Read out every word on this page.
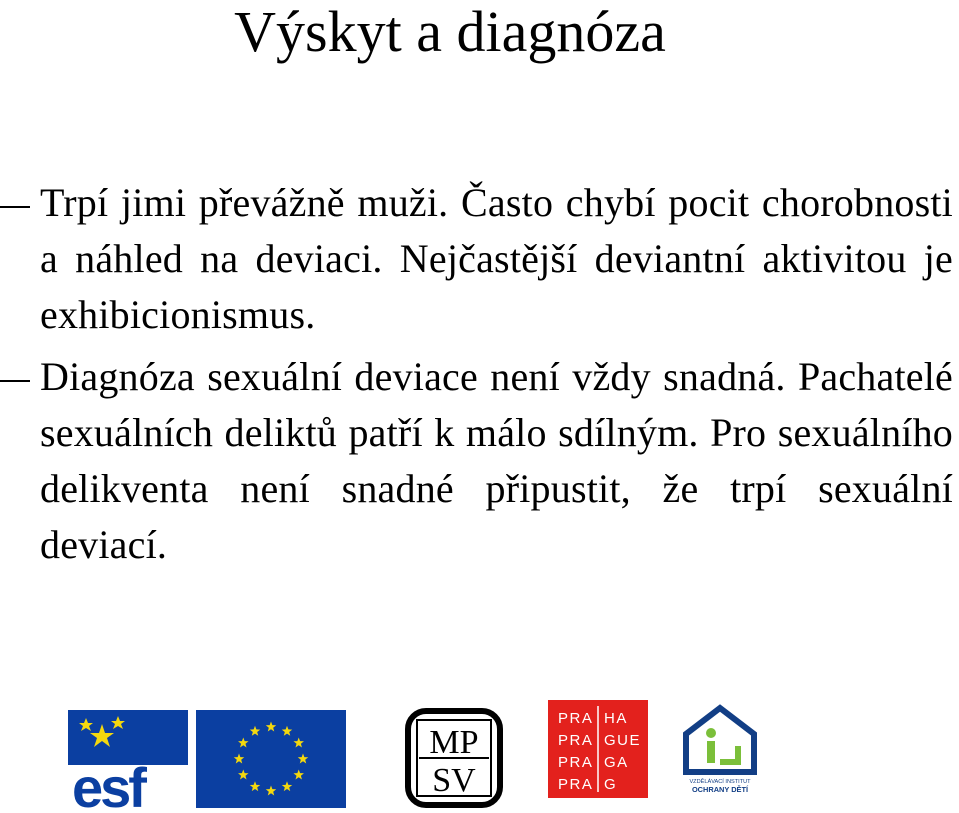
Výskyt a diagnóza
Trpí jimi převážně muži. Často chybí pocit chorobnosti a náhled na deviaci. Nejčastější deviantní aktivitou je exhibicionismus.
Diagnóza sexuální deviace není vždy snadná. Pachatelé sexuálních deliktů patří k málo sdílným. Pro sexuálního delikventa není snadné připustit, že trpí sexuální deviací.
esf
MP
SV
PRA HA
PRA GUE
PRA GA
PRA G	VZDĚLÁVACÍ INSTITUT
OCHRANY DĚTÍ
